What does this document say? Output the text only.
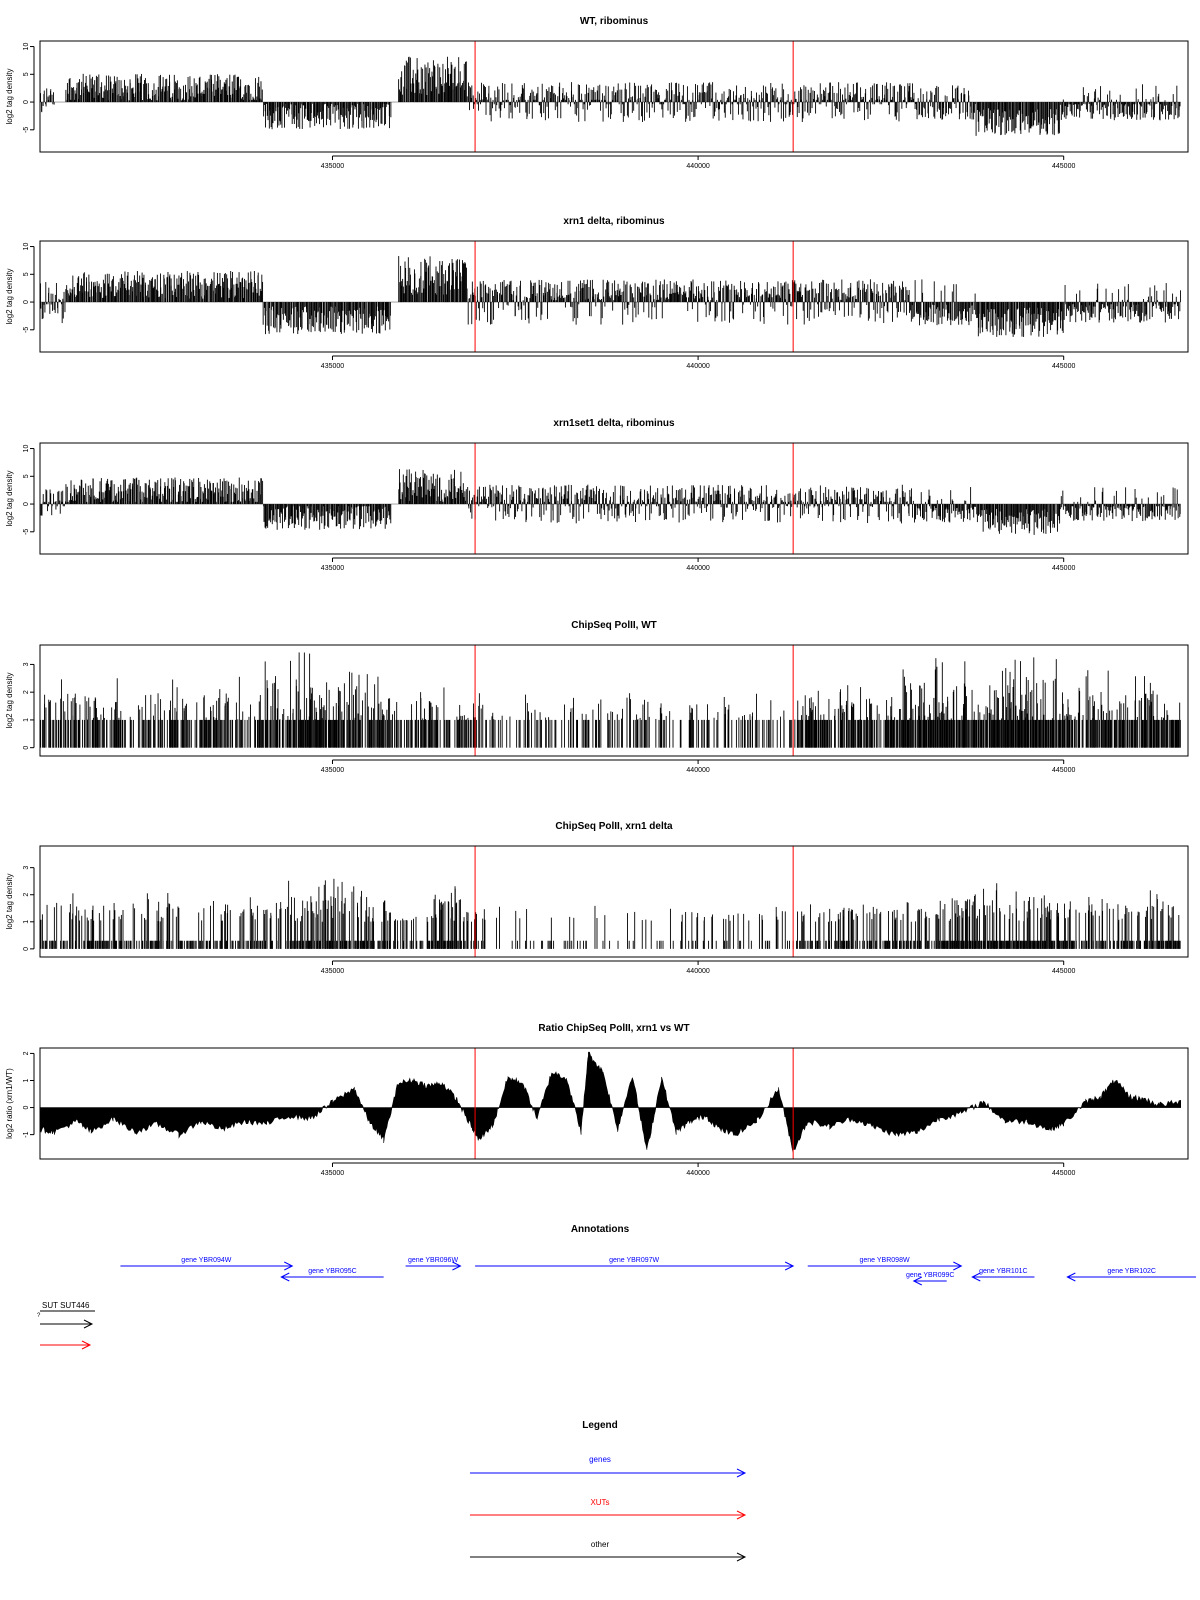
WT, ribominus
log2 tag density
-5
0
5
10
435000	440000	445000
xrn1 delta, ribominus
log2 tag density
-5
0
5
10
435000	440000	445000
xrn1set1 delta, ribominus
log2 tag density
-5
0
5
10
435000	440000	445000
ChipSeq PolII, WT
log2 tag density
0
1
2
3
435000	440000	445000
ChipSeq PolII, xrn1 delta
log2 tag density
0
1
2
3
435000	440000	445000
Ratio ChipSeq PolII, xrn1 vs WT
log2 ratio (xrn1/WT) -1
0
1
2
435000	440000	445000
Annotations
gene YBR094W
gene YBR095C
gene YBR096W	gene YBR097W	gene YBR098W
gene YBR099C
gene YBR101C	gene YBR102C
SUT SUT446
?
Legend
genes
XUTs
other
